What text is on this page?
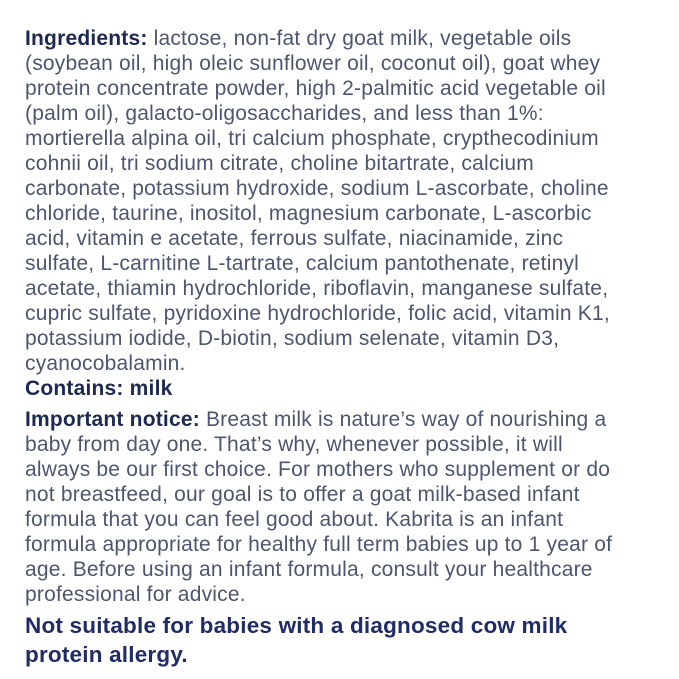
Ingredients: lactose, non-fat dry goat milk, vegetable oils
(soybean oil, high oleic sunflower oil, coconut oil), goat whey
protein concentrate powder, high 2-palmitic acid vegetable oil
(palm oil), galacto-oligosaccharides, and less than 1%:
mortierella alpina oil, tri calcium phosphate, crypthecodinium
cohnii oil, tri sodium citrate, choline bitartrate, calcium
carbonate, potassium hydroxide, sodium L-ascorbate, choline
chloride, taurine, inositol, magnesium carbonate, L-ascorbic
acid, vitamin e acetate, ferrous sulfate, niacinamide, zinc
sulfate, L-carnitine L-tartrate, calcium pantothenate, retinyl
acetate, thiamin hydrochloride, riboflavin, manganese sulfate,
cupric sulfate, pyridoxine hydrochloride, folic acid, vitamin K1,
potassium iodide, D-biotin, sodium selenate, vitamin D3,
cyanocobalamin.
Contains: milk
Important notice: Breast milk is nature’s way of nourishing a
baby from day one. That’s why, whenever possible, it will
always be our first choice. For mothers who supplement or do
not breastfeed, our goal is to offer a goat milk-based infant
formula that you can feel good about. Kabrita is an infant
formula appropriate for healthy full term babies up to 1 year of
age. Before using an infant formula, consult your healthcare
professional for advice.
Not suitable for babies with a diagnosed cow milk
protein allergy.
